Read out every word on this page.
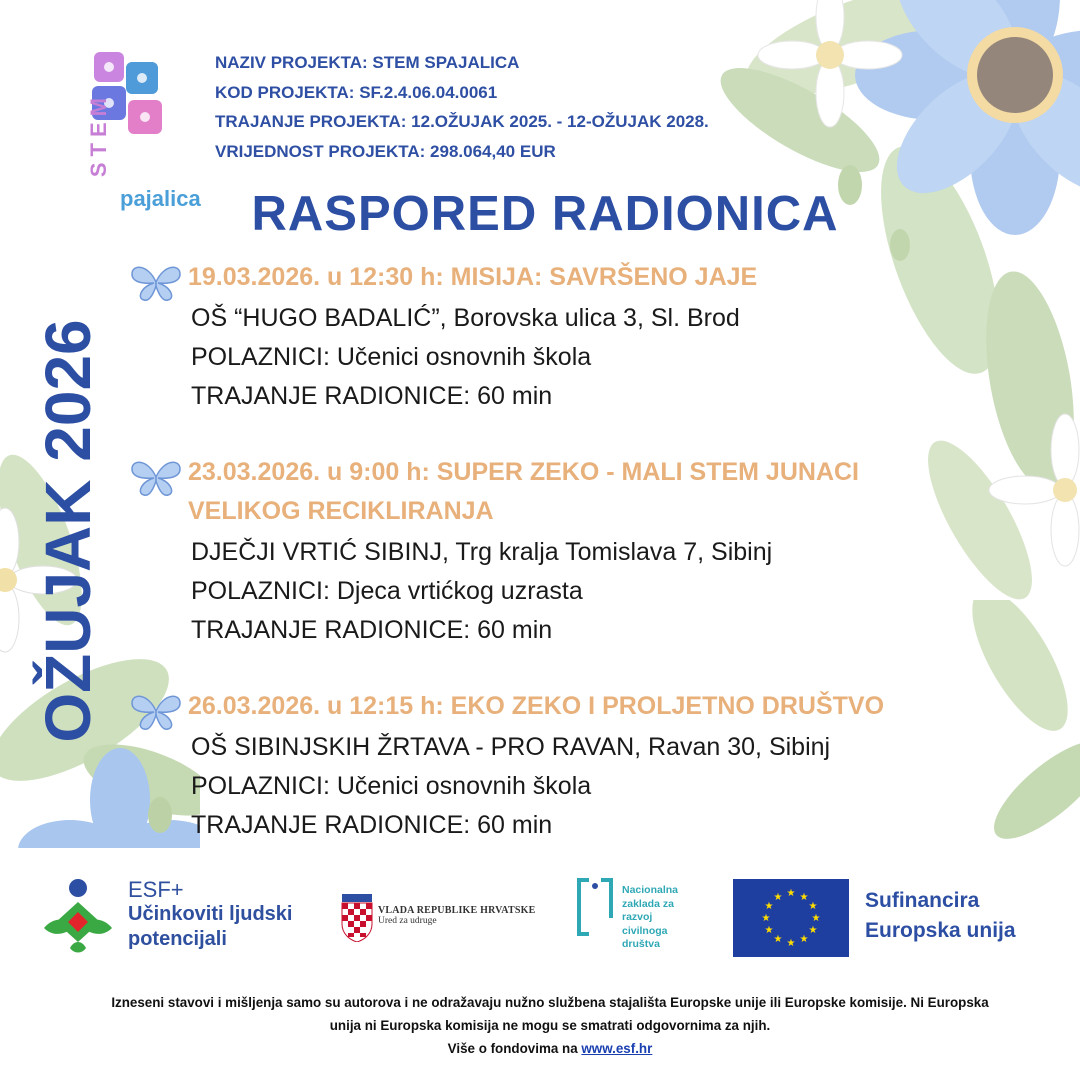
STEM
pajalica
NAZIV PROJEKTA: STEM SPAJALICA
KOD PROJEKTA: SF.2.4.06.04.0061
TRAJANJE PROJEKTA: 12.OŽUJAK 2025. - 12-OŽUJAK 2028.
VRIJEDNOST PROJEKTA: 298.064,40 EUR
RASPORED RADIONICA
OŽUJAK 2026
19.03.2026. u 12:30 h: MISIJA: SAVRŠENO JAJE
OŠ “HUGO BADALIĆ”, Borovska ulica 3, Sl. Brod
POLAZNICI: Učenici osnovnih škola
TRAJANJE RADIONICE: 60 min
23.03.2026. u 9:00 h: SUPER ZEKO - MALI STEM JUNACI
VELIKOG RECIKLIRANJA
DJEČJI VRTIĆ SIBINJ, Trg kralja Tomislava 7, Sibinj
POLAZNICI: Djeca vrtićkog uzrasta
TRAJANJE RADIONICE: 60 min
26.03.2026. u 12:15 h: EKO ZEKO I PROLJETNO DRUŠTVO
OŠ SIBINJSKIH ŽRTAVA - PRO RAVAN, Ravan 30, Sibinj
POLAZNICI: Učenici osnovnih škola
TRAJANJE RADIONICE: 60 min
ESF+
Učinkoviti ljudski
potencijali
VLADA REPUBLIKE HRVATSKE
Ured za udruge
Nacionalna
zaklada za
razvoj
civilnoga
društva
★ ★
★
★
★
★
★
★
★
★
★
★	Sufinancira
Europska unija
Izneseni stavovi i mišljenja samo su autorova i ne odražavaju nužno službena stajališta Europske unije ili Europske komisije. Ni Europska
unija ni Europska komisija ne mogu se smatrati odgovornima za njih.
Više o fondovima na www.esf.hr
